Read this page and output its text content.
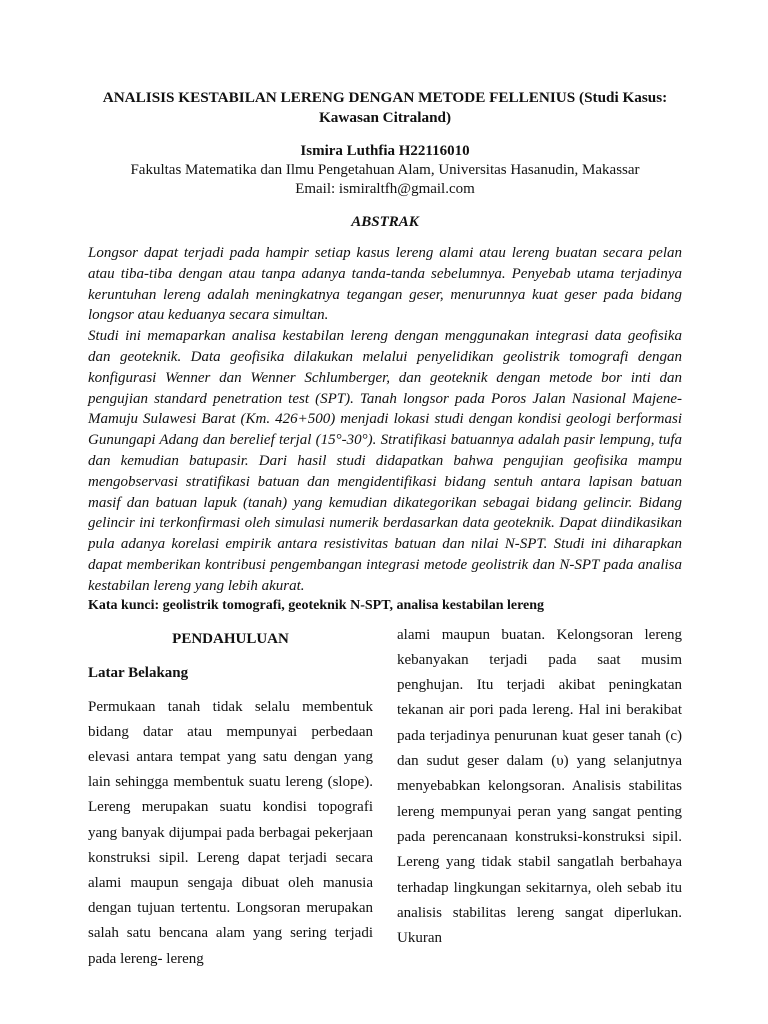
ANALISIS KESTABILAN LERENG DENGAN METODE FELLENIUS (Studi Kasus: Kawasan Citraland)
Ismira Luthfia H22116010
Fakultas Matematika dan Ilmu Pengetahuan Alam, Universitas Hasanudin, Makassar
Email: ismiraltfh@gmail.com
ABSTRAK

Longsor dapat terjadi pada hampir setiap kasus lereng alami atau lereng buatan secara pelan atau tiba-tiba dengan atau tanpa adanya tanda-tanda sebelumnya. Penyebab utama terjadinya keruntuhan lereng adalah meningkatnya tegangan geser, menurunnya kuat geser pada bidang longsor atau keduanya secara simultan.

Studi ini memaparkan analisa kestabilan lereng dengan menggunakan integrasi data geofisika dan geoteknik. Data geofisika dilakukan melalui penyelidikan geolistrik tomografi dengan konfigurasi Wenner dan Wenner Schlumberger, dan geoteknik dengan metode bor inti dan pengujian standard penetration test (SPT). Tanah longsor pada Poros Jalan Nasional Majene-Mamuju Sulawesi Barat (Km. 426+500) menjadi lokasi studi dengan kondisi geologi berformasi Gunungapi Adang dan berelief terjal (15°-30°). Stratifikasi batuannya adalah pasir lempung, tufa dan kemudian batupasir. Dari hasil studi didapatkan bahwa pengujian geofisika mampu mengobservasi stratifikasi batuan dan mengidentifikasi bidang sentuh antara lapisan batuan masif dan batuan lapuk (tanah) yang kemudian dikategorikan sebagai bidang gelincir. Bidang gelincir ini terkonfirmasi oleh simulasi numerik berdasarkan data geoteknik. Dapat diindikasikan pula adanya korelasi empirik antara resistivitas batuan dan nilai N-SPT. Studi ini diharapkan dapat memberikan kontribusi pengembangan integrasi metode geolistrik dan N-SPT pada analisa kestabilan lereng yang lebih akurat.

Kata kunci: geolistrik tomografi, geoteknik N-SPT, analisa kestabilan lereng
PENDAHULUAN
Latar Belakang

Permukaan tanah tidak selalu membentuk bidang datar atau mempunyai perbedaan elevasi antara tempat yang satu dengan yang lain sehingga membentuk suatu lereng (slope). Lereng merupakan suatu kondisi topografi yang banyak dijumpai pada berbagai pekerjaan konstruksi sipil. Lereng dapat terjadi secara alami maupun sengaja dibuat oleh manusia dengan tujuan tertentu. Longsoran merupakan salah satu bencana alam yang sering terjadi pada lereng- lereng

alami maupun buatan. Kelongsoran lereng kebanyakan terjadi pada saat musim penghujan. Itu terjadi akibat peningkatan tekanan air pori pada lereng. Hal ini berakibat pada terjadinya penurunan kuat geser tanah (c) dan sudut geser dalam (υ) yang selanjutnya menyebabkan kelongsoran. Analisis stabilitas lereng mempunyai peran yang sangat penting pada perencanaan konstruksi-konstruksi sipil. Lereng yang tidak stabil sangatlah berbahaya terhadap lingkungan sekitarnya, oleh sebab itu analisis stabilitas lereng sangat diperlukan. Ukuran
